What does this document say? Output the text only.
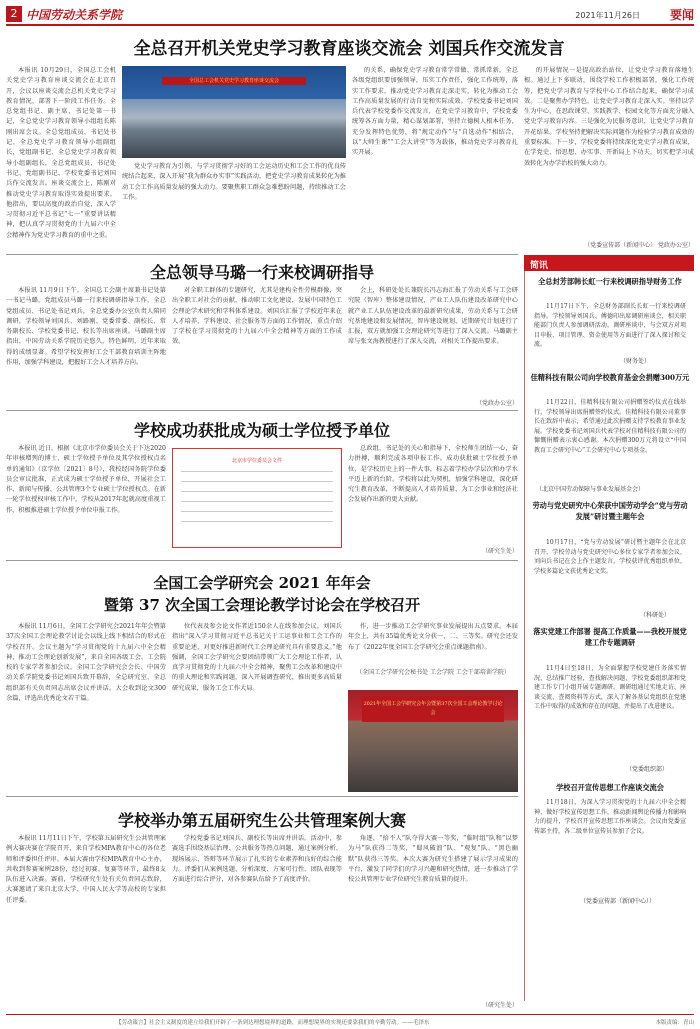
2 中国劳动关系学院	2021年11月26日 要闻
全总召开机关党史学习教育座谈交流会 刘国兵作交流发言
本报讯 10月29日，全国总工会机关党史学习教育座谈交流会在北京召开，会议以座谈交流会总机关党史学习教育情况，部署下一阶段工作任务。全总党组书记、副主席、书记处第一书记，全总党史学习教育领导小组组长陈刚出席会议。全总党组成员、书记处书记，全总党史学习教育领导小组副组长，党组副书记、全总党史学习教育领导小组副组长，全总党组成员、书记处书记、党组副书记、学校党委书记刘国兵作交流发言。座谈交流会上，陈刚对推动党史学习教育取得实效提出要求。他指出，要以高度的政治自觉，深入学习贯彻习近平总书记“七一”重要讲话精神，把认真学习贯彻党的十九届六中全会精神作为党史学习教育的重中之重。
全国总工会机关党史学习教育座谈交流会
党史学习教育为引领，与学习贯彻学习好的工会运动历史和工会工作的优良传统结合起来，深入开展“我为群众办实事”实践活动，把党史学习教育成果转化为推动工会工作高质量发展的强大动力。要聚焦职工群众急难愁盼问题，持续推动工会工作。
的关系，确保党史学习教育常学常做、常抓常新。全总各级党组织要加强领导，压实工作责任，强化工作统筹，落实工作要求，推动党史学习教育走深走实，转化为推动工会工作高质量发展的行动自觉和实际成效。学校党委书记刘国兵代表学校党委作交流发言，在党史学习教育中，学校党委统筹各方面力量，精心谋划部署，坚持立德树人根本任务，充分发挥特色优势，将“规定动作”与“自选动作”相结合，以“大师生课”“工会大讲堂”等为载体，推动党史学习教育扎实开展。
的开展情况一是提高政治站位，让党史学习教育落地生根。通过上下多联动，围绕学校工作积极部署，强化工作统筹，把党史学习教育与学校中心工作结合起来，确保学习成效。二是聚焦办学特色，让党史学习教育走深入实。坚持以学生为中心，在思政课堂、实践教学、校园文化等方面充分融入党史学习教育内容。三是强化为民服务意识，让党史学习教育开花结果。学校坚持把解决实际问题作为检验学习教育成效的重要标准。下一步，学校党委将持续深化党史学习教育成果，在学党史、悟思想、办实事、开新局上下功夫，切实把学习成效转化为办学治校的强大动力。
（党委宣传部（新闻中心） 党政办公室）
全总领导马璐一行来校调研指导
本报讯 11月9日下午，全国总工会副主席兼书记处第一书记马璐，党组成员马璐一行来校调研指导工作，全总党组成员、书记处书记刘兵，全总党委办公室负责人陪同调研，学校领导刘国兵、刘路刚、党委常委、副校长、常务副校长、学校党委书记、校长等出席座谈。马璐副主席指出，中国劳动关系学院历史悠久，特色鲜明，近年来取得的成绩显著。希望学校发挥好工会干部教育培训主阵地作用，加强学科建设，把握好工会人才培养方向。
对全职工群体的专题研究，尤其是建构全性劳模群像，突出全职工对社会的贡献，推动职工文化建设，发展中国特色工会理论学术研究和学科体系建设。刘国兵汇报了学校近年来在人才培养、学科建设、社会服务等方面的工作情况，重点介绍了学校在学习贯彻党的十九届六中全会精神等方面的工作成效。
会上，科研处处长兼院长冯志海汇报了劳动关系与工会研究院（智库）整体建设情况，产业工人队伍建设改革研究中心就产业工人队伍建设改革的最新研究成果，劳动关系与工会研究基地建设和发展情况，智库建设规划、近期研究计划进行了汇报，双方就加强工会理论研究等进行了深入交流。马璐副主席与张文海教授进行了深入交流，对相关工作提出要求。
（党政办公室）
学校成功获批成为硕士学位授予单位
本报讯 近日，根据《北京市学位委员会关于下达2020年审核增列的博士、硕士学位授予单位及其学位授权点名单的通知》（京学位〔2021〕8号），我校经国务院学位委员会审议批准，正式成为硕士学位授予单位，开展社会工作、新闻与传播、公共管理3个专业硕士学位授权点。在新一轮学位授权审核工作中，学校从2017年起就高度重视工作，积极推进硕士学位授予单位申报工作。
北京市学位委员会文件
总政组、书记处的关心和指导下，全校师生团结一心，奋力拼搏，顺利完成各项申报工作。成功获批硕士学位授予单位，是学校历史上的一件大事，标志着学校办学层次和办学水平迈上新的台阶。学校将以此为契机，加强学科建设，深化研究生教育改革，不断提高人才培养质量，为工会事业和经济社会发展作出新的更大贡献。
（研究生处）
全国工会学研究会 2021 年年会
暨第 37 次全国工会理论教学讨论会在学校召开
本报讯 11月6日，全国工会学研究会2021年年会暨第37次全国工会理论教学讨论会以线上线下相结合的形式在学校召开。会议主题为“学习贯彻党的十九届六中全会精神，推动工会理论创新发展”，来自全国各级工会、工会院校的专家学者参加会议。全国工会学研究会会长、中国劳动关系学院党委书记刘国兵致开幕辞，全总研究室、全总组织部有关负责同志出席会议并讲话。大会收到论文300余篇，评选出优秀论文若干篇。
位代表及参会论文作者近150余人在线参加会议。刘国兵指出“深入学习贯彻习近平总书记关于工运事业和工会工作的重要论述，对更好推进新时代工会理论研究具有重要意义。”他强调，全国工会学研究会要团结带领广大工会理论工作者，认真学习贯彻党的十九届六中全会精神，聚焦工会改革和建设中的重大理论和实践问题，深入开展调查研究，推出更多高质量研究成果，服务工会工作大局。
作，进一步推动工会学研究事业发展提出五点要求。本届年会上，共有35篇优秀论文分获一、二、三等奖。研究会还发布了《2022年度全国工会学研究会重点课题指南》。
（全国工会学研究会秘书处 工会学院 工会干部培训学院）
2021年全国工会学研究会年会暨第37次全国工会理论教学讨论会
学校举办第五届研究生公共管理案例大赛
本报讯 11月11日下午，学校第五届研究生公共管理案例大赛决赛在学院召开，来自学校MPA教育中心的各位老师和评委担任评审。本届大赛由学校MPA教育中心主办，共收到参赛案例28份，经过初赛、复赛等环节，最终8支队伍进入决赛。赛前，学校研究生处有关负责同志致辞，大赛邀请了来自北京大学、中国人民大学等高校的专家担任评委。
学校党委书记刘国兵、副校长等出席并讲话。活动中，参赛选手围绕基层治理、公共服务等热点问题，通过案例分析、现场展示、答辩等环节展示了扎实的专业素养和良好的综合能力。评委们从案例选题、分析深度、方案可行性、团队表现等方面进行综合评分，对各参赛队伍给予了高度评价。
角逐，“拾不人”队夺得大赛一等奖，“临时组”队和“以梦为马”队获得二等奖，“蜀风破浪”队、“观复”队、“黑色幽默”队获得三等奖。本次大赛为研究生搭建了展示学习成果的平台，激发了同学们的学习兴趣和研究热情，进一步推动了学校公共管理专业学位研究生教育质量的提升。
（研究生处）
简讯
全总封芳部韩长虹一行来校调研指导财务工作
11月17日下午，全总财务部副长长虹一行来校调研指导。学校领导刘国兵、傅德印出席调研座谈会，相关职能部门负责人参加调研活动。调研座谈中，与会双方对项目申报、项目管理、资金使用等方面进行了深入探讨和交流。
（财务处）
佳精科技有限公司向学校教育基金会捐赠300万元
11月22日，佳精科技有限公司捐赠签约仪式在线举行，学校领导出席捐赠签约仪式。佳精科技有限公司董事长在致辞中表示，希望通过此次捐赠支持学校教育事业发展。学校党委书记刘国兵代表学校对佳精科技有限公司的慷慨捐赠表示衷心感谢。本次捐赠300万元将设立“中国教育工会研究中心”工会研究中心专项基金。
（北京中国劳动保障与事业发展基金会）
劳动与党史研究中心荣获中国劳动学会“党与劳动发展”研讨暨主题年会
10月17日，“党与劳动发展”研讨暨主题年会在北京召开，学校劳动与党史研究中心多位专家学者参加会议，刘向兵书记在会上作主题发言，学校获评优秀组织单位，学校多篇论文获优秀论文奖。
（科研处）
落实党建工作部署 提高工作质量——我校开展党建工作专题调研
11月4日至18日，为全面掌握学校党建任务落实情况，总结推广经验，查找解决问题，学校党委组织部和党建工作专门小组开展专题调研。调研组通过实地走访、座谈交流、查阅资料等方式，深入了解各基层党组织在党建工作中取得的成效和存在的问题，并提出了改进建议。
（党委组织部）
学校召开宣传思想工作座谈交流会
11月18日，为深入学习贯彻党的十九届六中全会精神，做好学校宣传思想工作，推动新闻舆论传播力和影响力的提升，学校召开宣传思想工作座谈会。会议由党委宣传部主持，各二级单位宣传员参加了会议。
（党委宣传部（新闻中心））
【劳动箴言】社会主义制度的建立给我们开辟了一条到达理想境界的道路，而理想境界的实现还要靠我们的辛勤劳动。——毛泽东	本版责编：青山
